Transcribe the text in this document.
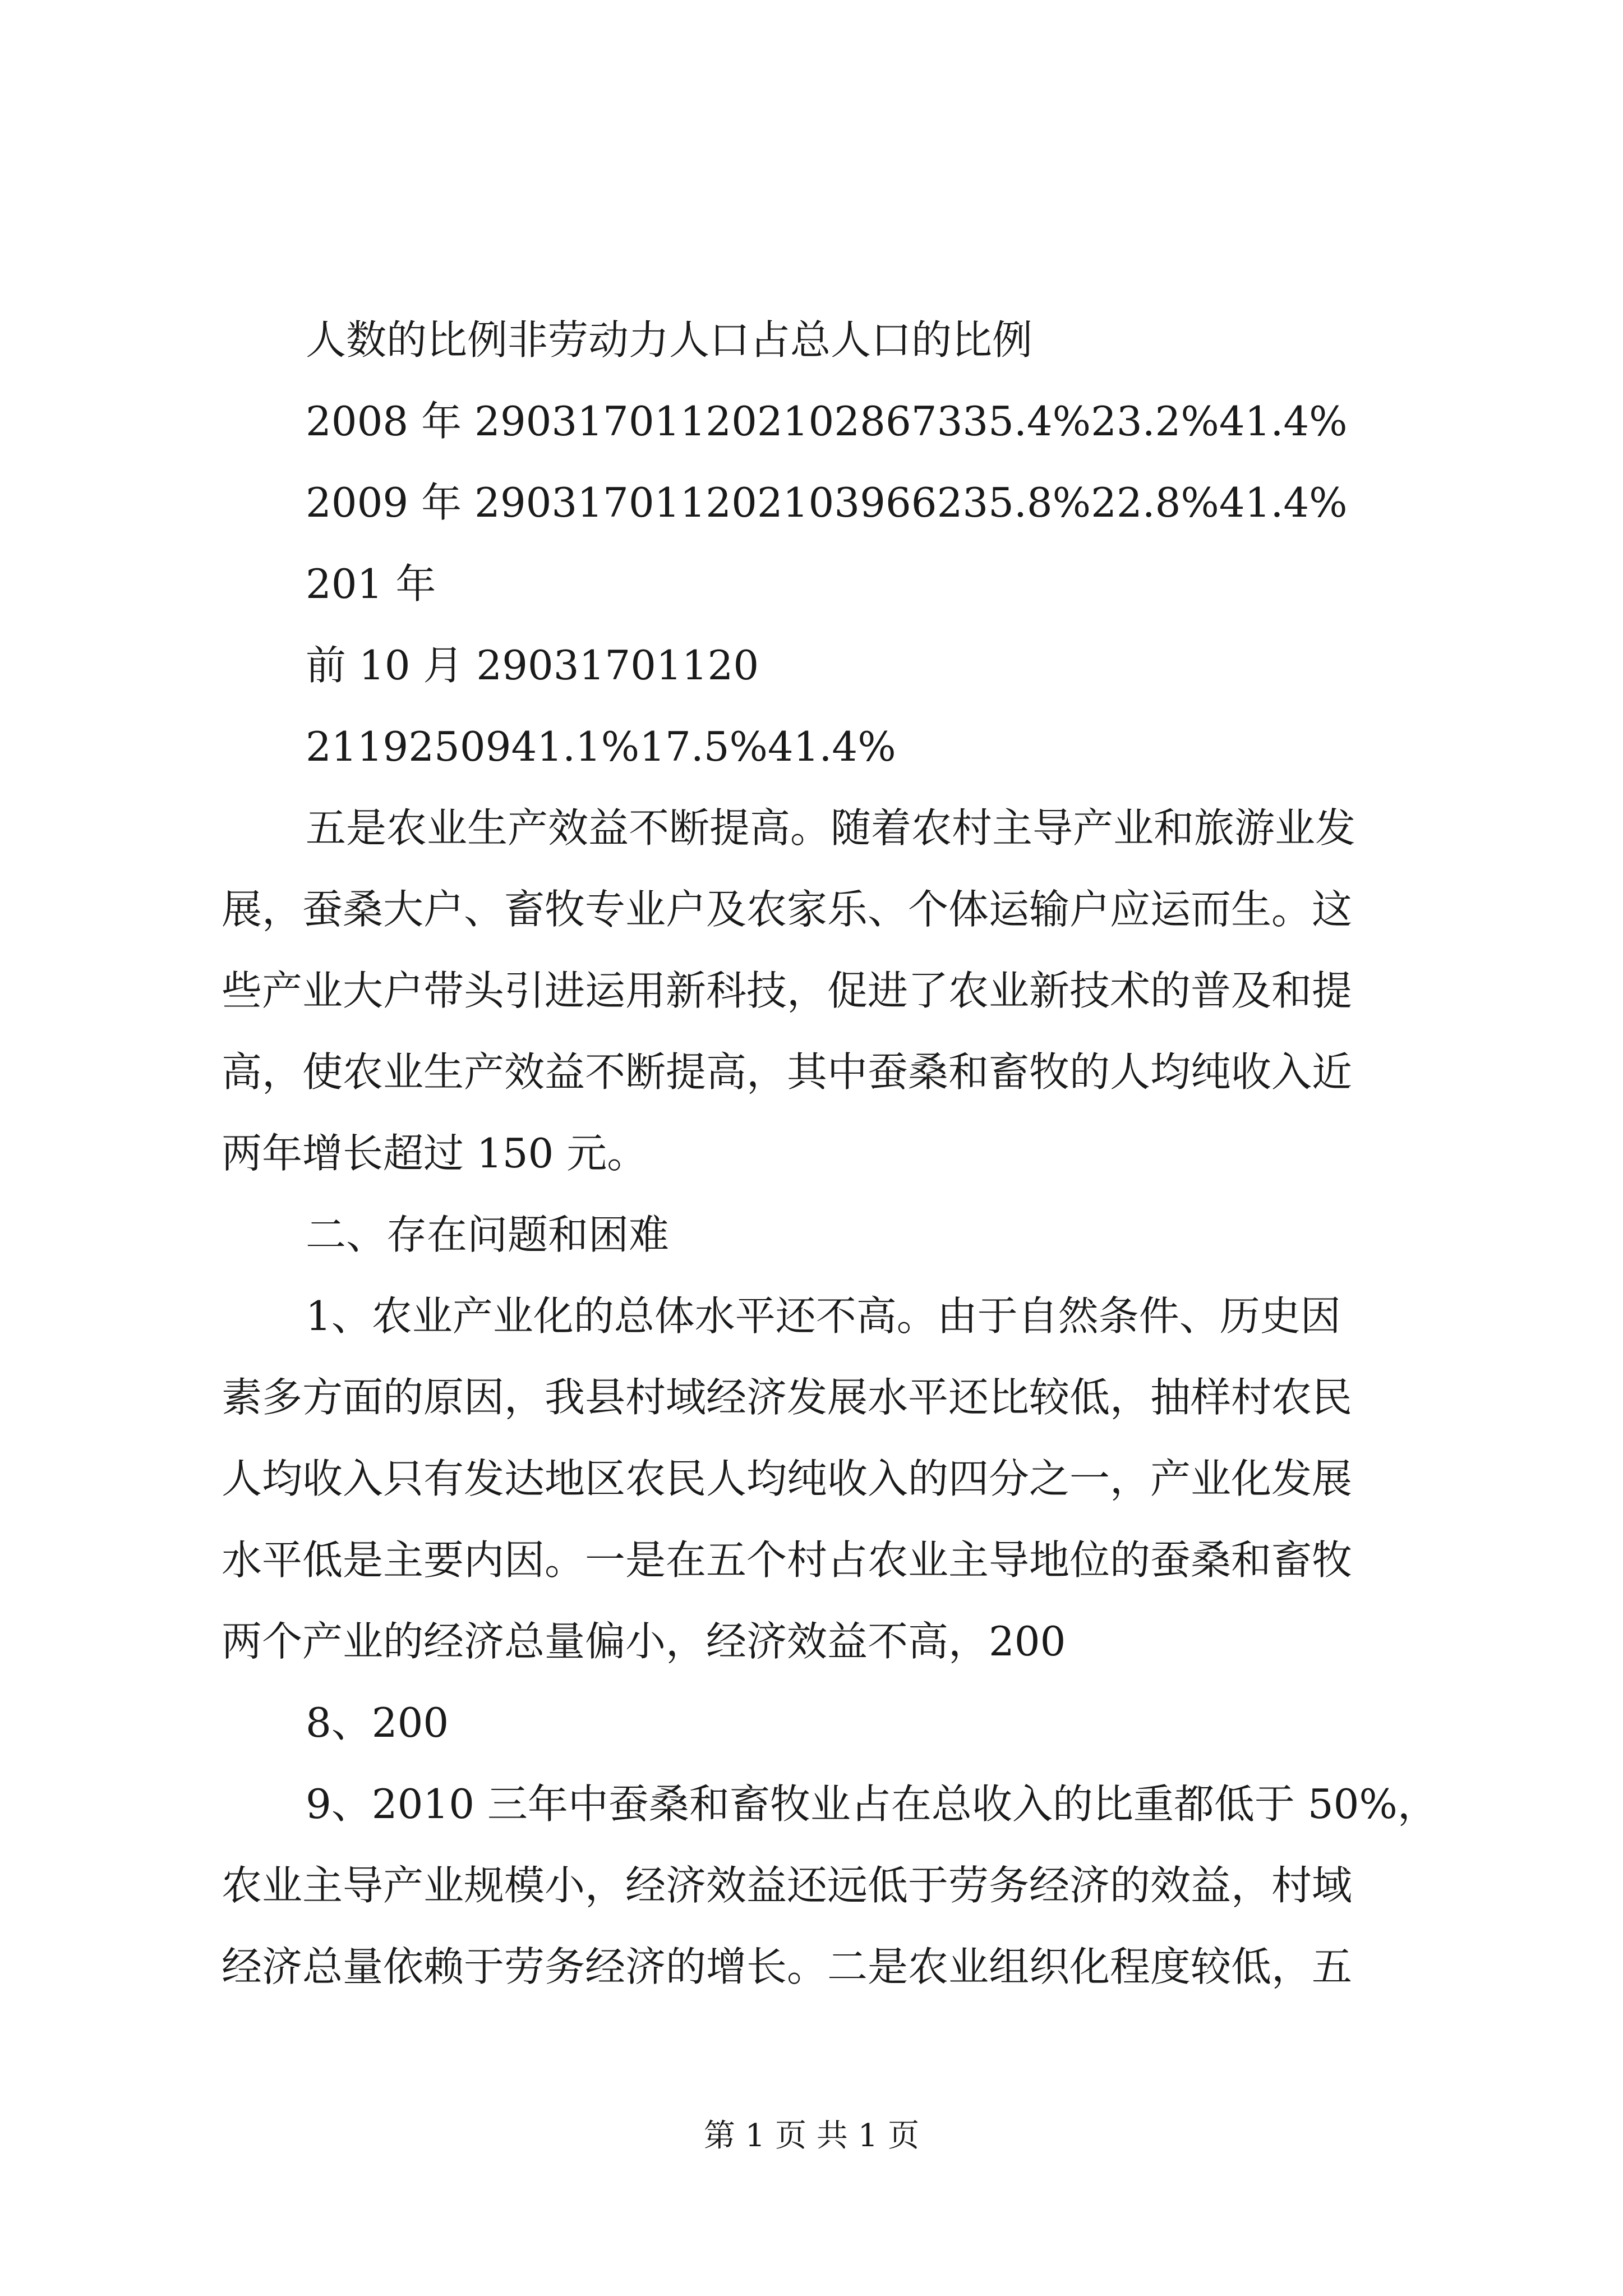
人数的比例非劳动力人口占总人口的比例
2008 年 290317011202102867335.4%23.2%41.4%
2009 年 290317011202103966235.8%22.8%41.4%
201 年
前 10 月 29031701120
2119250941.1%17.5%41.4%
五是农业生产效益不断提高。随着农村主导产业和旅游业发
展，蚕桑大户、畜牧专业户及农家乐、个体运输户应运而生。这
些产业大户带头引进运用新科技，促进了农业新技术的普及和提
高，使农业生产效益不断提高，其中蚕桑和畜牧的人均纯收入近
两年增长超过 150 元。
二、存在问题和困难
1、农业产业化的总体水平还不高。由于自然条件、历史因
素多方面的原因，我县村域经济发展水平还比较低，抽样村农民
人均收入只有发达地区农民人均纯收入的四分之一，产业化发展
水平低是主要内因。一是在五个村占农业主导地位的蚕桑和畜牧
两个产业的经济总量偏小，经济效益不高，200
8、200
9、2010 三年中蚕桑和畜牧业占在总收入的比重都低于 50%，
农业主导产业规模小，经济效益还远低于劳务经济的效益，村域
经济总量依赖于劳务经济的增长。二是农业组织化程度较低，五
第 1 页 共 1 页
